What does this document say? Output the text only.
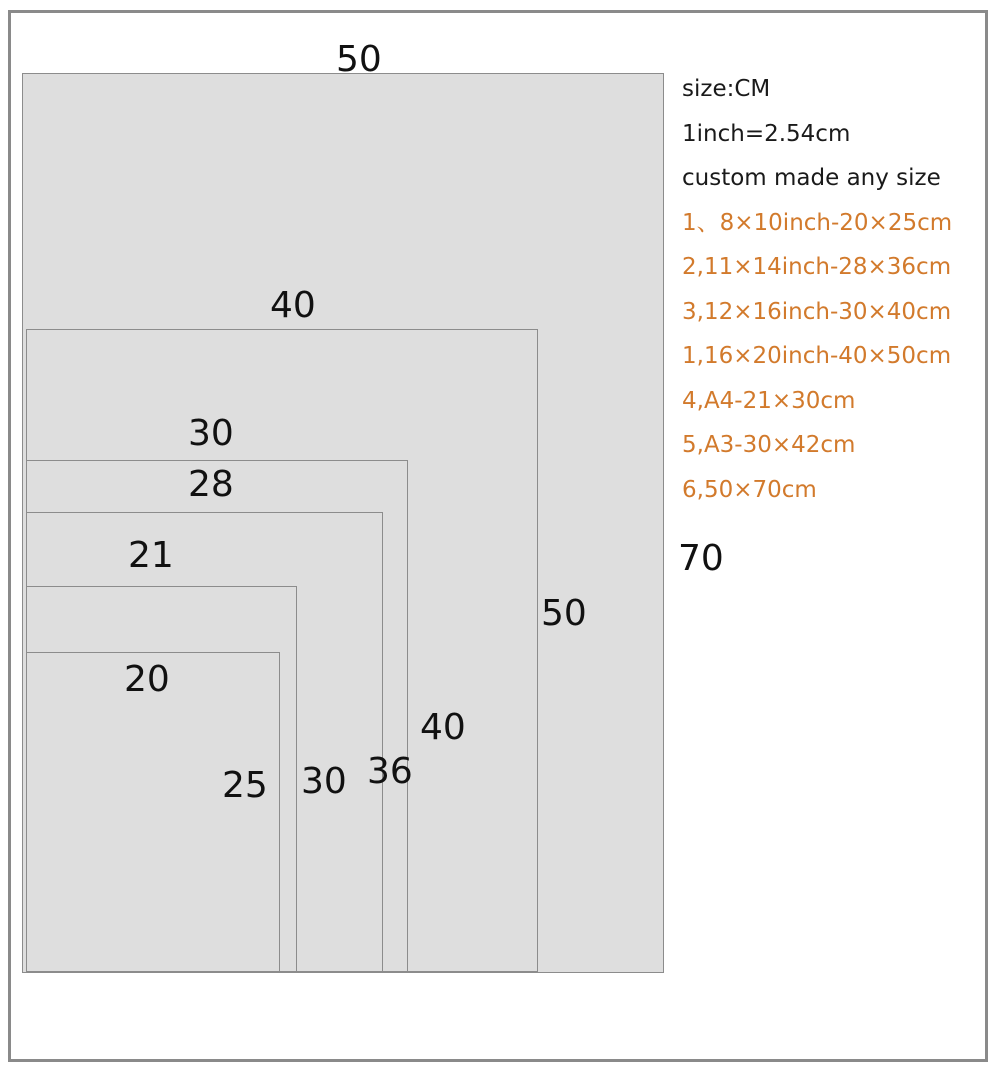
50
40
30
28
21
20
70
50
40
36
30
25
size:CM
1inch=2.54cm
custom made any size
1、8×10inch-20×25cm
2,11×14inch-28×36cm
3,12×16inch-30×40cm
1,16×20inch-40×50cm
4,A4-21×30cm
5,A3-30×42cm
6,50×70cm
